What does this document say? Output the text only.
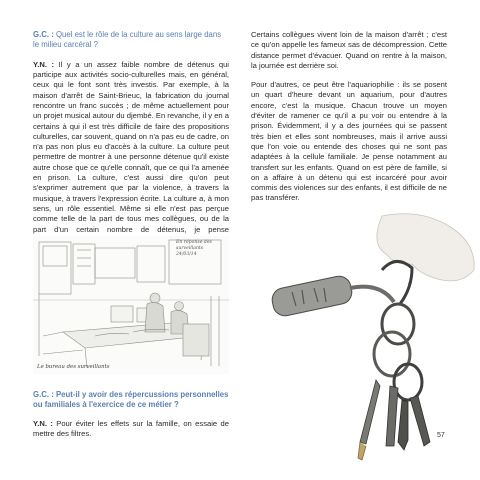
G.C. : Quel est le rôle de la culture au sens large dans le milieu carcéral ?

Y.N. : Il y a un assez faible nombre de détenus qui participe aux activités socio-culturelles mais, en général, ceux qui le font sont très investis. Par exemple, à la maison d'arrêt de Saint-Brieuc, la fabrication du journal rencontre un franc succès ; de même actuellement pour un projet musical autour du djembé. En revanche, il y en a certains à qui il est très difficile de faire des propositions culturelles, car souvent, quand on n'a pas eu de cadre, on n'a pas non plus eu d'accès à la culture. La culture peut permettre de montrer à une personne détenue qu'il existe autre chose que ce qu'elle connaît, que ce qui l'a amenée en prison. La culture, c'est aussi dire qu'on peut s'exprimer autrement que par la violence, à travers la musique, à travers l'expression écrite. La culture a, à mon sens, un rôle essentiel. Même si elle n'est pas perçue comme telle de la part de tous mes collègues, ou de la part d'un certain nombre de détenus, je pense

En réponse des surveillants 24/03/14
Le bureau des surveillants
G.C. : Peut-il y avoir des répercussions personnelles ou familiales à l'exercice de ce métier ?

Y.N. : Pour éviter les effets sur la famille, on essaie de mettre des filtres.

Certains collègues vivent loin de la maison d'arrêt ; c'est ce qu'on appelle les fameux sas de décompression. Cette distance permet d'évacuer. Quand on rentre à la maison, la journée est derrière soi.

Pour d'autres, ce peut être l'aquariophilie : ils se posent un quart d'heure devant un aquarium, pour d'autres encore, c'est la musique. Chacun trouve un moyen d'éviter de ramener ce qu'il a pu voir ou entendre à la prison. Évidemment, il y a des journées qui se passent très bien et elles sont nombreuses, mais il arrive aussi que l'on voie ou entende des choses qui ne sont pas adaptées à la cellule familiale. Je pense notamment au transfert sur les enfants. Quand on est père de famille, si on a affaire à un détenu qui est incarcéré pour avoir commis des violences sur des enfants, il est difficile de ne pas transférer.

57
